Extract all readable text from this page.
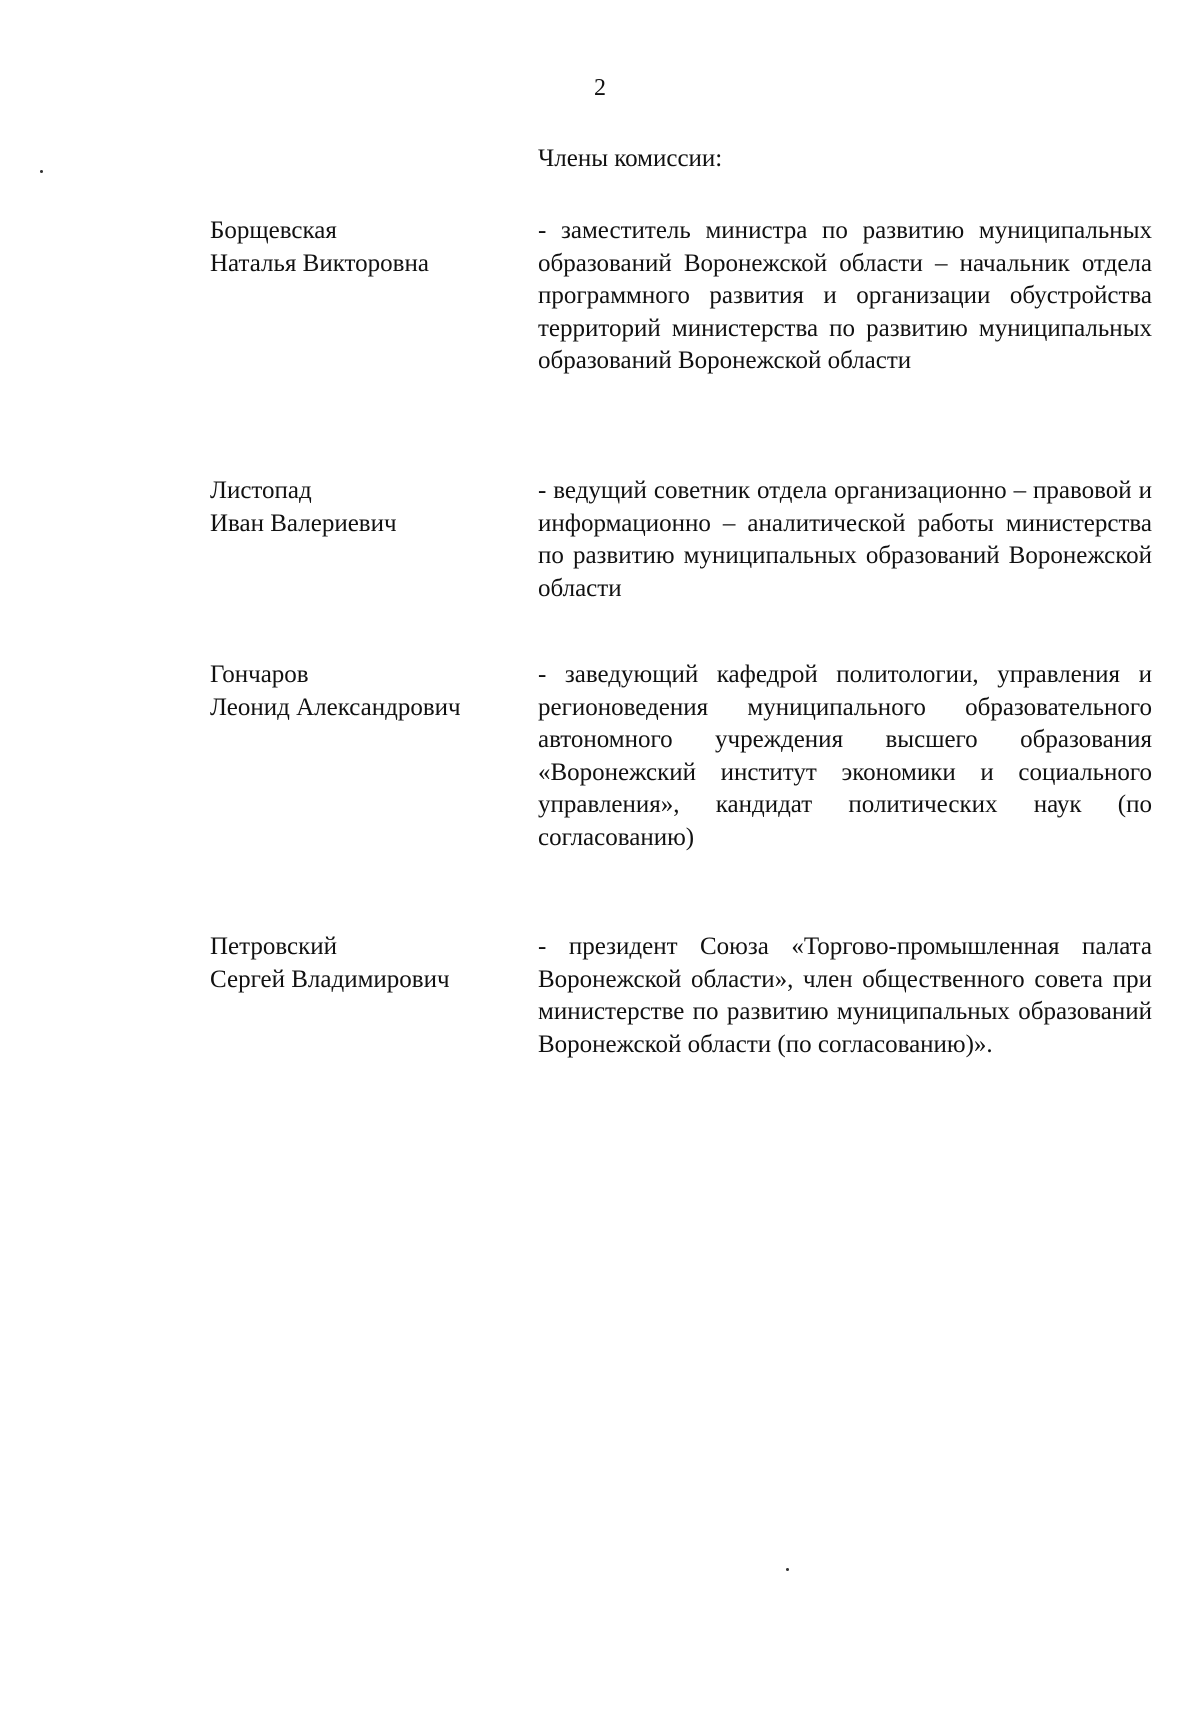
2
Члены комиссии:
Борщевская
Наталья Викторовна
- заместитель министра по развитию муниципальных образований Воронежской области – начальник отдела программного развития и организации обустройства территорий министерства по развитию муниципальных образований Воронежской области
Листопад
Иван Валериевич
- ведущий советник отдела организационно – правовой и информационно – аналитической работы министерства по развитию муниципальных образований Воронежской области
Гончаров
Леонид Александрович
- заведующий кафедрой политологии, управления и регионоведения муниципального образовательного автономного учреждения высшего образования «Воронежский институт экономики и социального управления», кандидат политических наук (по согласованию)
Петровский
Сергей Владимирович
- президент Союза «Торгово-промышленная палата Воронежской области», член общественного совета при министерстве по развитию муниципальных образований Воронежской области (по согласованию)».
